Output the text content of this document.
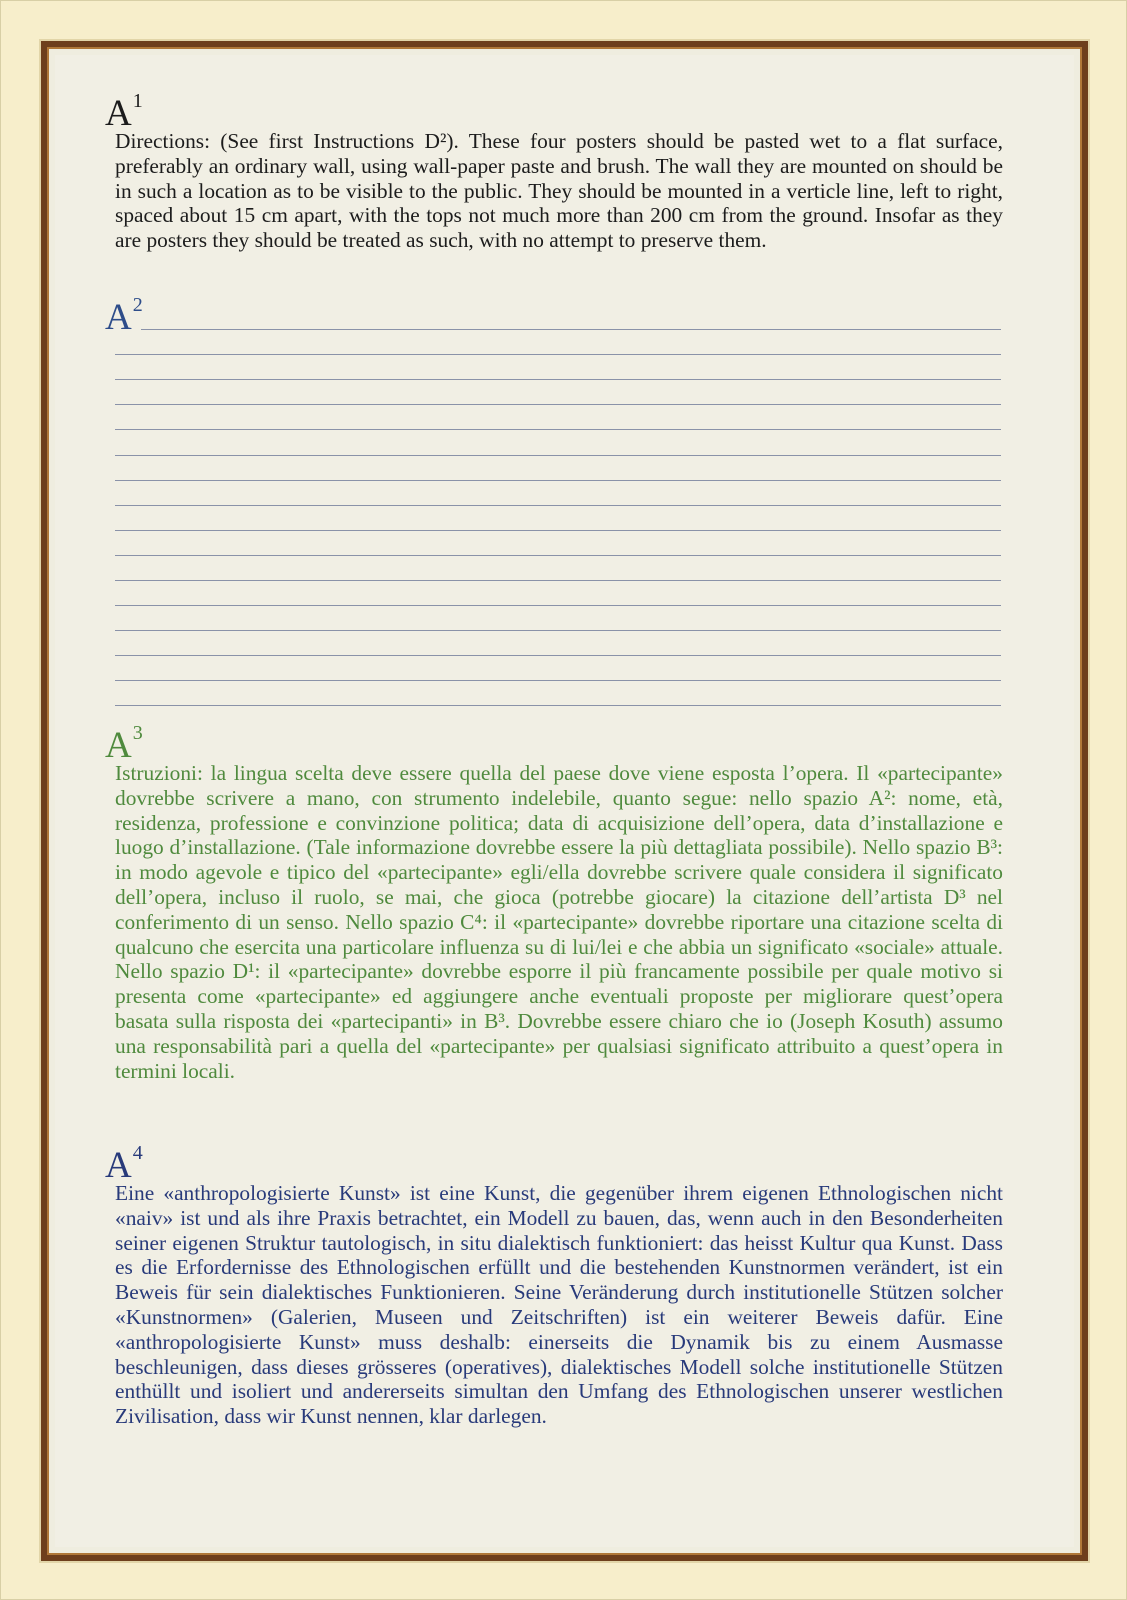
$A^1$
Directions: (See first Instructions D²). These four posters should be pasted wet to a flat surface, preferably an ordinary wall, using wall-paper paste and brush. The wall they are mounted on should be in such a location as to be visible to the public. They should be mounted in a verticle line, left to right, spaced about 15 cm apart, with the tops not much more than 200 cm from the ground. Insofar as they are posters they should be treated as such, with no attempt to preserve them.
$A^2$
$A^3$
Istruzioni: la lingua scelta deve essere quella del paese dove viene esposta l’opera. Il «partecipante» dovrebbe scrivere a mano, con strumento indelebile, quanto segue: nello spazio A²: nome, età, residenza, professione e convinzione politica; data di acquisizione dell’opera, data d’installazione e luogo d’installazione. (Tale informazione dovrebbe essere la più dettagliata possibile). Nello spazio B³: in modo agevole e tipico del «partecipante» egli/ella dovrebbe scrivere quale considera il significato dell’opera, incluso il ruolo, se mai, che gioca (potrebbe giocare) la citazione dell’artista D³ nel conferimento di un senso. Nello spazio C⁴: il «partecipante» dovrebbe riportare una citazione scelta di qualcuno che esercita una particolare influenza su di lui/lei e che abbia un significato «sociale» attuale. Nello spazio D¹: il «partecipante» dovrebbe esporre il più francamente possibile per quale motivo si presenta come «partecipante» ed aggiungere anche eventuali proposte per migliorare quest’opera basata sulla risposta dei «partecipanti» in B³. Dovrebbe essere chiaro che io (Joseph Kosuth) assumo una responsabilità pari a quella del «partecipante» per qualsiasi significato attribuito a quest’opera in termini locali.
$A^4$
Eine «anthropologisierte Kunst» ist eine Kunst, die gegenüber ihrem eigenen Ethnologischen nicht «naiv» ist und als ihre Praxis betrachtet, ein Modell zu bauen, das, wenn auch in den Besonderheiten seiner eigenen Struktur tautologisch, in situ dialektisch funktioniert: das heisst Kultur qua Kunst. Dass es die Erfordernisse des Ethnologischen erfüllt und die bestehenden Kunstnormen verändert, ist ein Beweis für sein dialektisches Funktionieren. Seine Veränderung durch institutionelle Stützen solcher «Kunstnormen» (Galerien, Museen und Zeitschriften) ist ein weiterer Beweis dafür. Eine «anthropologisierte Kunst» muss deshalb: einerseits die Dynamik bis zu einem Ausmasse beschleunigen, dass dieses grösseres (operatives), dialektisches Modell solche institutionelle Stützen enthüllt und isoliert und andererseits simultan den Umfang des Ethnologischen unserer westlichen Zivilisation, dass wir Kunst nennen, klar darlegen.
